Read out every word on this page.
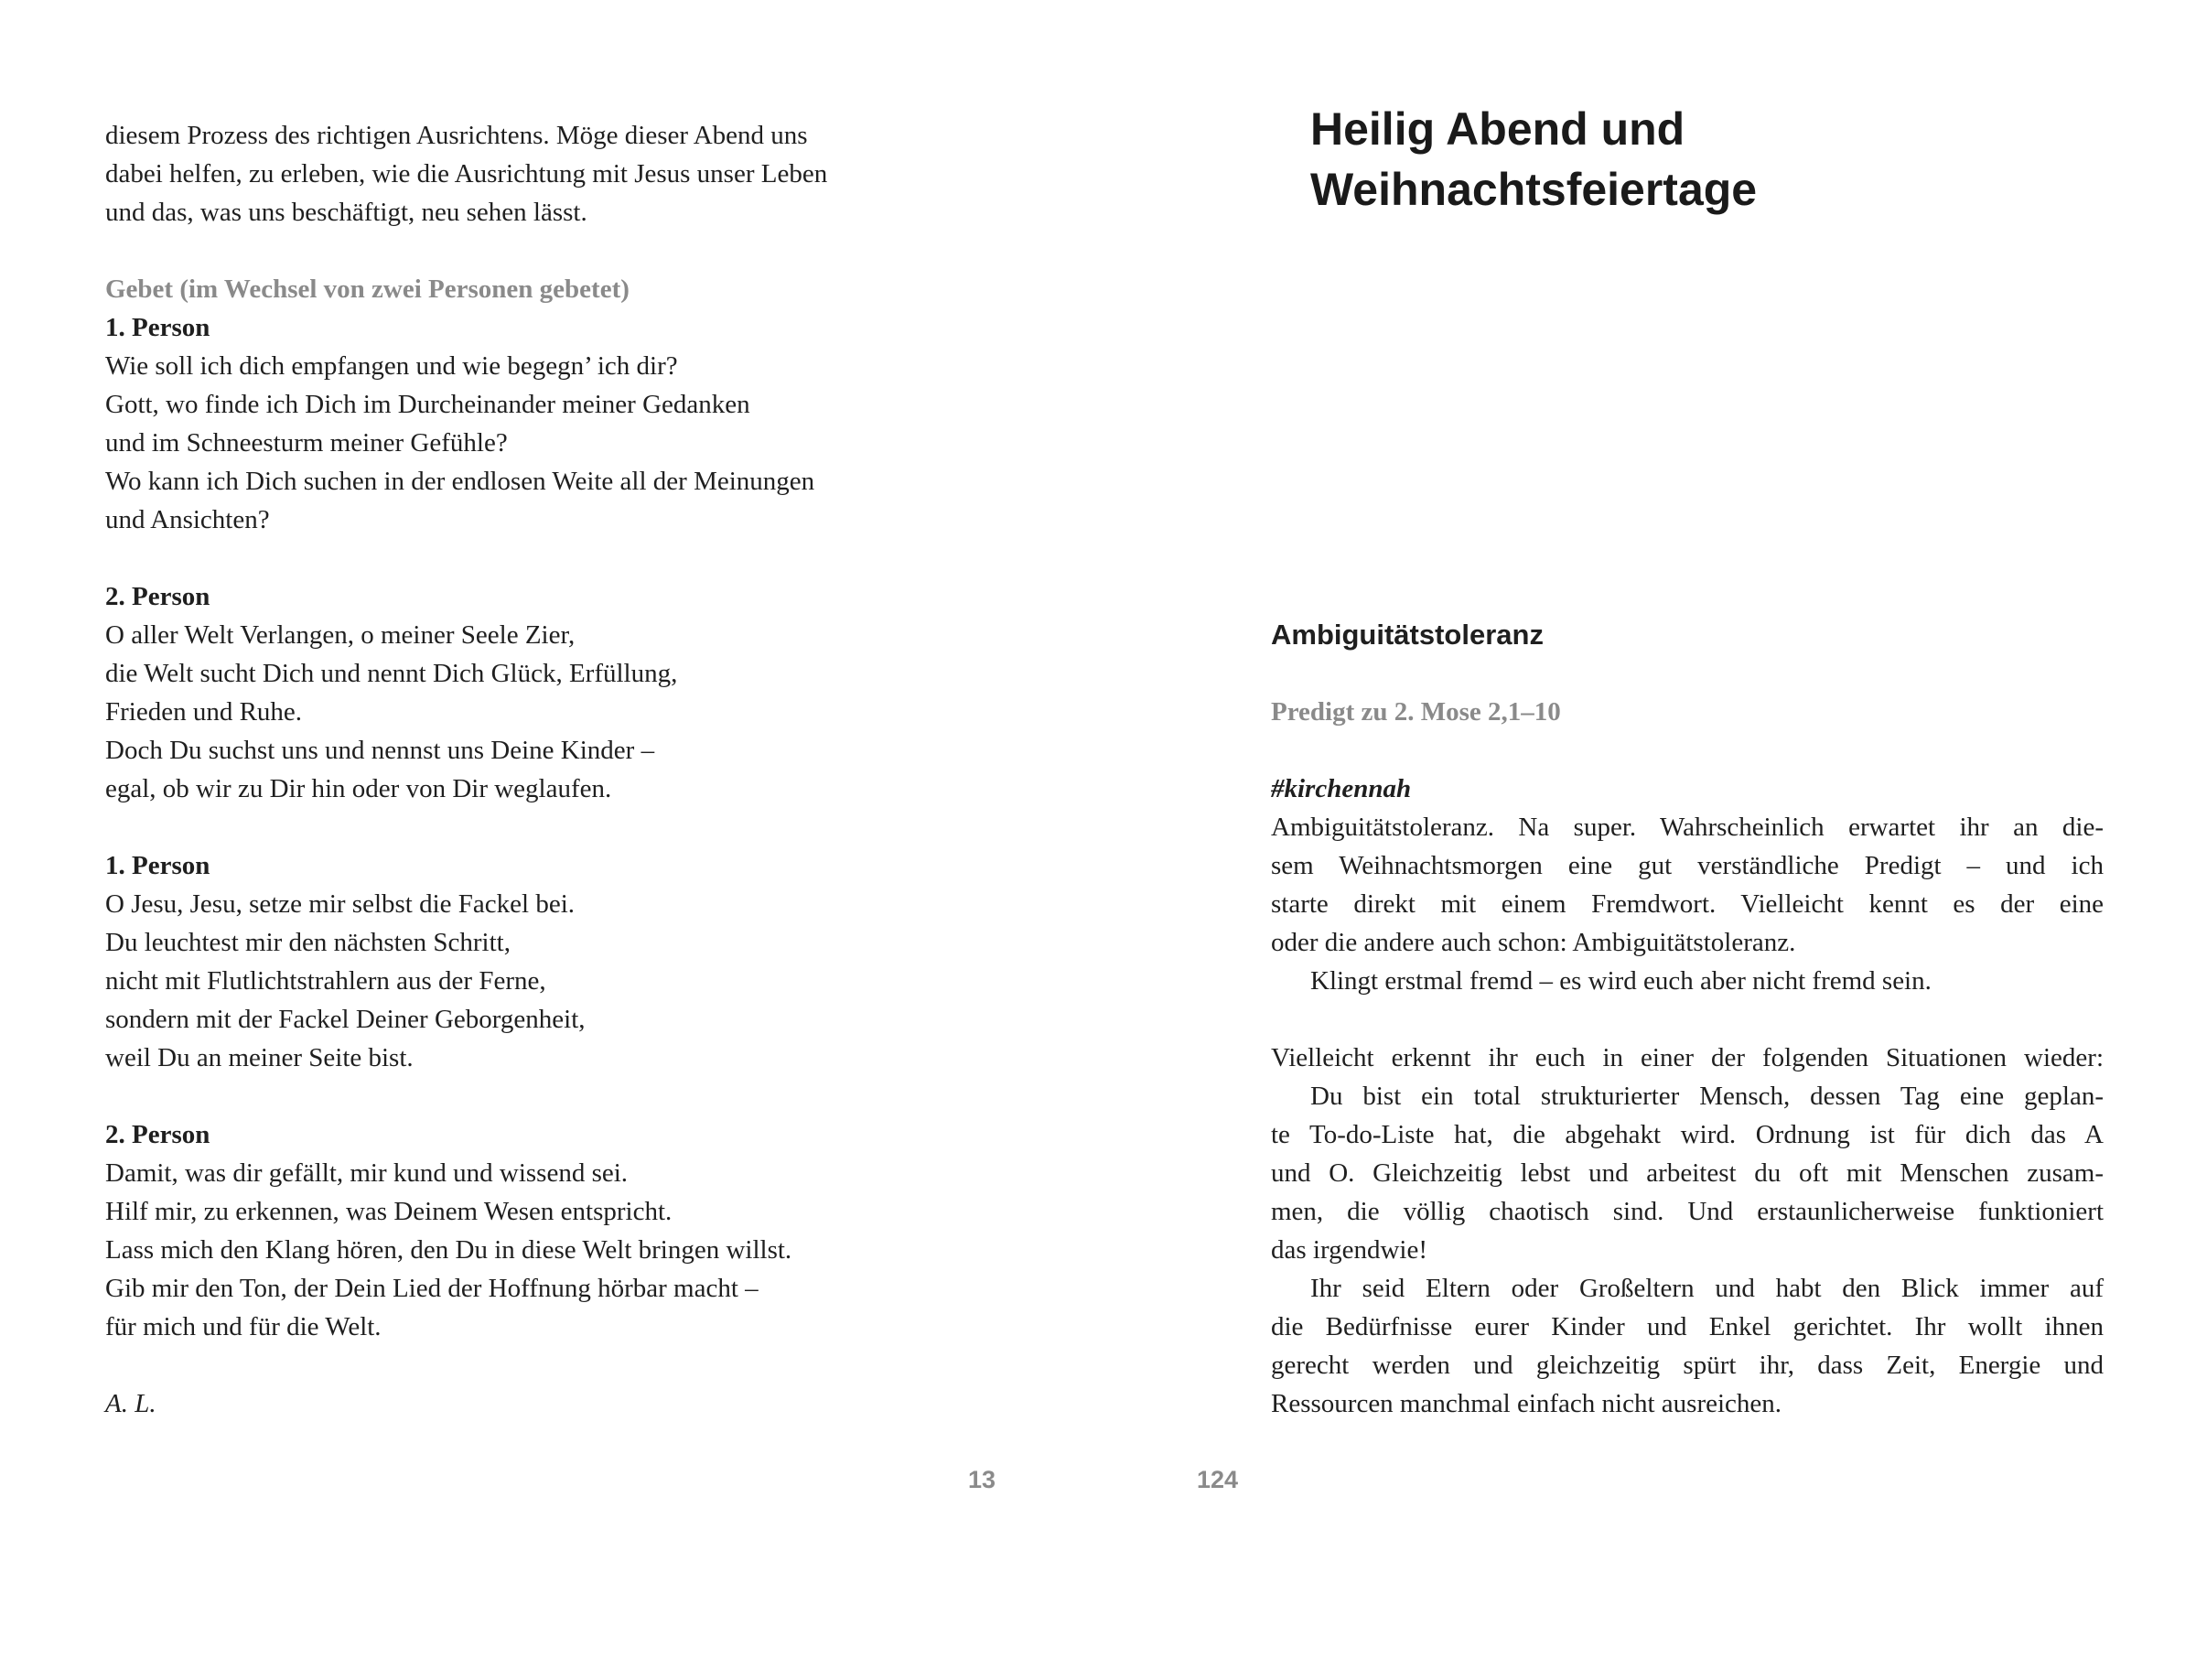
diesem Prozess des richtigen Ausrichtens. Möge dieser Abend uns
dabei helfen, zu erleben, wie die Ausrichtung mit Jesus unser Leben
und das, was uns beschäftigt, neu sehen lässt.
Gebet (im Wechsel von zwei Personen gebetet)
1. Person
Wie soll ich dich empfangen und wie begegn’ ich dir?
Gott, wo finde ich Dich im Durcheinander meiner Gedanken
und im Schneesturm meiner Gefühle?
Wo kann ich Dich suchen in der endlosen Weite all der Meinungen
und Ansichten?
2. Person
O aller Welt Verlangen, o meiner Seele Zier,
die Welt sucht Dich und nennt Dich Glück, Erfüllung,
Frieden und Ruhe.
Doch Du suchst uns und nennst uns Deine Kinder –
egal, ob wir zu Dir hin oder von Dir weglaufen.
1. Person
O Jesu, Jesu, setze mir selbst die Fackel bei.
Du leuchtest mir den nächsten Schritt,
nicht mit Flutlichtstrahlern aus der Ferne,
sondern mit der Fackel Deiner Geborgenheit,
weil Du an meiner Seite bist.
2. Person
Damit, was dir gefällt, mir kund und wissend sei.
Hilf mir, zu erkennen, was Deinem Wesen entspricht.
Lass mich den Klang hören, den Du in diese Welt bringen willst.
Gib mir den Ton, der Dein Lied der Hoffnung hörbar macht –
für mich und für die Welt.
A. L.
13
Heilig Abend und
Weihnachtsfeiertage
Ambiguitätstoleranz
Predigt zu 2. Mose 2,1–10
#kirchennah
Ambiguitätstoleranz. Na super. Wahrscheinlich erwartet ihr an die-
sem Weihnachtsmorgen eine gut verständliche Predigt – und ich
starte direkt mit einem Fremdwort. Vielleicht kennt es der eine
oder die andere auch schon: Ambiguitätstoleranz.
Klingt erstmal fremd – es wird euch aber nicht fremd sein.
Vielleicht erkennt ihr euch in einer der folgenden Situationen wieder:
Du bist ein total strukturierter Mensch, dessen Tag eine geplan-
te To-do-Liste hat, die abgehakt wird. Ordnung ist für dich das A
und O. Gleichzeitig lebst und arbeitest du oft mit Menschen zusam-
men, die völlig chaotisch sind. Und erstaunlicherweise funktioniert
das irgendwie!
Ihr seid Eltern oder Großeltern und habt den Blick immer auf
die Bedürfnisse eurer Kinder und Enkel gerichtet. Ihr wollt ihnen
gerecht werden und gleichzeitig spürt ihr, dass Zeit, Energie und
Ressourcen manchmal einfach nicht ausreichen.
124
